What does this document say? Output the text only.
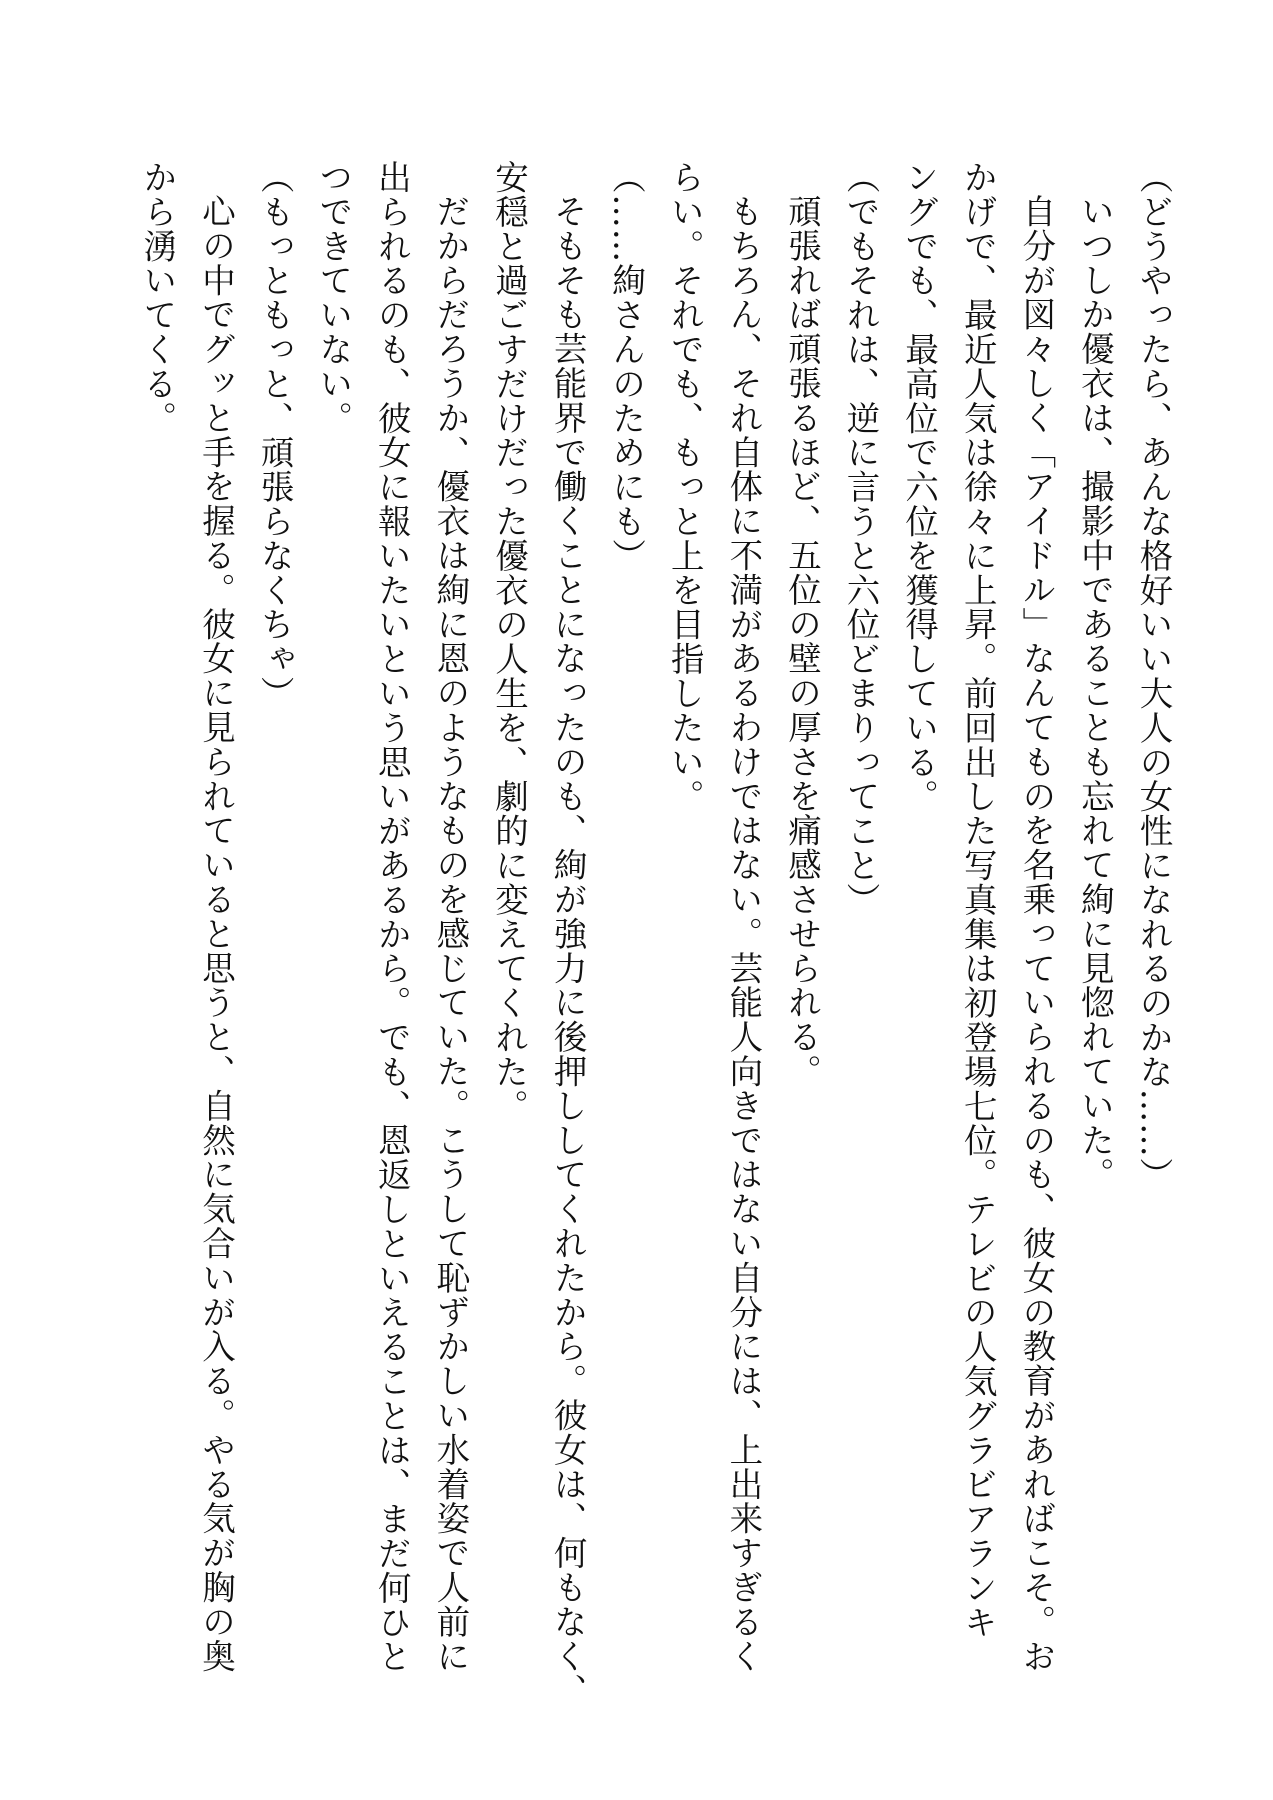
（どうやったら、あんな格好いい大人の女性になれるのかな……）
いつしか優衣は、撮影中であることも忘れて絢に見惚れていた。
自分が図々しく「アイドル」なんてものを名乗っていられるのも、彼女の教育があればこそ。お
かげで、最近人気は徐々に上昇。前回出した写真集は初登場七位。テレビの人気グラビアランキ
ングでも、最高位で六位を獲得している。
（でもそれは、逆に言うと六位どまりってこと）
頑張れば頑張るほど、五位の壁の厚さを痛感させられる。
もちろん、それ自体に不満があるわけではない。芸能人向きではない自分には、上出来すぎるく
らい。それでも、もっと上を目指したい。
（……絢さんのためにも）
そもそも芸能界で働くことになったのも、絢が強力に後押ししてくれたから。彼女は、何もなく、
安穏と過ごすだけだった優衣の人生を、劇的に変えてくれた。
だからだろうか、優衣は絢に恩のようなものを感じていた。こうして恥ずかしい水着姿で人前に
出られるのも、彼女に報いたいという思いがあるから。でも、恩返しといえることは、まだ何ひと
つできていない。
（もっともっと、頑張らなくちゃ）
心の中でグッと手を握る。彼女に見られていると思うと、自然に気合いが入る。やる気が胸の奥
から湧いてくる。
